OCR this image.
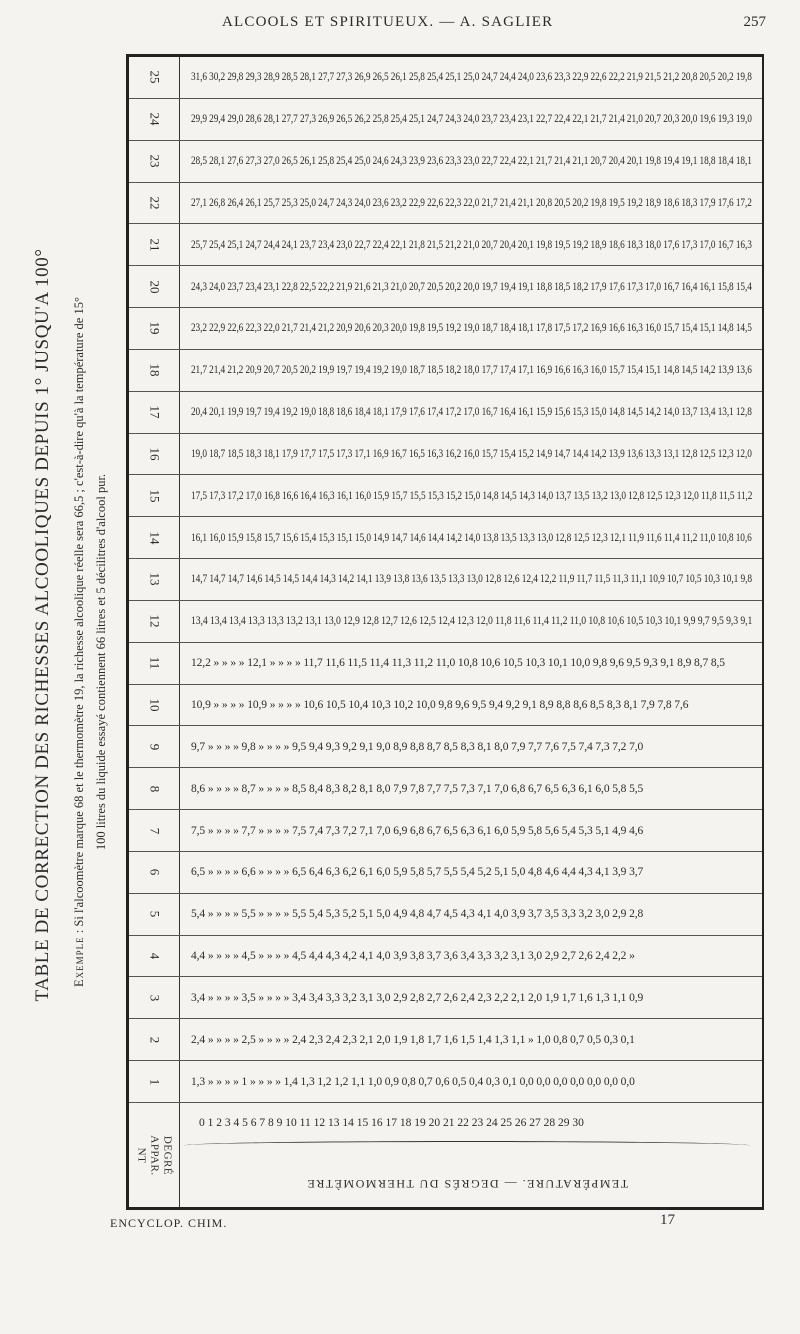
ALCOOLS ET SPIRITUEUX. — A. SAGLIER	257
TABLE DE CORRECTION DES RICHESSES ALCOOLIQUES DEPUIS 1° JUSQU'A 100°	Exemple : Si l'alcoomètre marque 68 et le thermomètre 19, la richesse alcoolique réelle sera 66,5 ; c'est-à-dire qu'à la température de 15° 100 litres du liquide essayé contiennent 66 litres et 5 décilitres d'alcool pur.
25	31,6 30,2 29,8 29,3 28,9 28,5 28,1 27,7 27,3 26,9 26,5 26,1 25,8 25,4 25,1 25,0 24,7 24,4 24,0 23,6 23,3 22,9 22,6 22,2 21,9 21,5 21,2 20,8 20,5 20,2 19,8
24	29,9 29,4 29,0 28,6 28,1 27,7 27,3 26,9 26,5 26,2 25,8 25,4 25,1 24,7 24,3 24,0 23,7 23,4 23,1 22,7 22,4 22,1 21,7 21,4 21,0 20,7 20,3 20,0 19,6 19,3 19,0
23	28,5 28,1 27,6 27,3 27,0 26,5 26,1 25,8 25,4 25,0 24,6 24,3 23,9 23,6 23,3 23,0 22,7 22,4 22,1 21,7 21,4 21,1 20,7 20,4 20,1 19,8 19,4 19,1 18,8 18,4 18,1
22	27,1 26,8 26,4 26,1 25,7 25,3 25,0 24,7 24,3 24,0 23,6 23,2 22,9 22,6 22,3 22,0 21,7 21,4 21,1 20,8 20,5 20,2 19,8 19,5 19,2 18,9 18,6 18,3 17,9 17,6 17,2
21	25,7 25,4 25,1 24,7 24,4 24,1 23,7 23,4 23,0 22,7 22,4 22,1 21,8 21,5 21,2 21,0 20,7 20,4 20,1 19,8 19,5 19,2 18,9 18,6 18,3 18,0 17,6 17,3 17,0 16,7 16,3
20	24,3 24,0 23,7 23,4 23,1 22,8 22,5 22,2 21,9 21,6 21,3 21,0 20,7 20,5 20,2 20,0 19,7 19,4 19,1 18,8 18,5 18,2 17,9 17,6 17,3 17,0 16,7 16,4 16,1 15,8 15,4
19	23,2 22,9 22,6 22,3 22,0 21,7 21,4 21,2 20,9 20,6 20,3 20,0 19,8 19,5 19,2 19,0 18,7 18,4 18,1 17,8 17,5 17,2 16,9 16,6 16,3 16,0 15,7 15,4 15,1 14,8 14,5
18	21,7 21,4 21,2 20,9 20,7 20,5 20,2 19,9 19,7 19,4 19,2 19,0 18,7 18,5 18,2 18,0 17,7 17,4 17,1 16,9 16,6 16,3 16,0 15,7 15,4 15,1 14,8 14,5 14,2 13,9 13,6
17	20,4 20,1 19,9 19,7 19,4 19,2 19,0 18,8 18,6 18,4 18,1 17,9 17,6 17,4 17,2 17,0 16,7 16,4 16,1 15,9 15,6 15,3 15,0 14,8 14,5 14,2 14,0 13,7 13,4 13,1 12,8
16	19,0 18,7 18,5 18,3 18,1 17,9 17,7 17,5 17,3 17,1 16,9 16,7 16,5 16,3 16,2 16,0 15,7 15,4 15,2 14,9 14,7 14,4 14,2 13,9 13,6 13,3 13,1 12,8 12,5 12,3 12,0
15	17,5 17,3 17,2 17,0 16,8 16,6 16,4 16,3 16,1 16,0 15,9 15,7 15,5 15,3 15,2 15,0 14,8 14,5 14,3 14,0 13,7 13,5 13,2 13,0 12,8 12,5 12,3 12,0 11,8 11,5 11,2
14	16,1 16,0 15,9 15,8 15,7 15,6 15,4 15,3 15,1 15,0 14,9 14,7 14,6 14,4 14,2 14,0 13,8 13,5 13,3 13,0 12,8 12,5 12,3 12,1 11,9 11,6 11,4 11,2 11,0 10,8 10,6
13	14,7 14,7 14,7 14,6 14,5 14,5 14,4 14,3 14,2 14,1 13,9 13,8 13,6 13,5 13,3 13,0 12,8 12,6 12,4 12,2 11,9 11,7 11,5 11,3 11,1 10,9 10,7 10,5 10,3 10,1 9,8
12	13,4 13,4 13,4 13,3 13,3 13,2 13,1 13,0 12,9 12,8 12,7 12,6 12,5 12,4 12,3 12,0 11,8 11,6 11,4 11,2 11,0 10,8 10,6 10,5 10,3 10,1 9,9 9,7 9,5 9,3 9,1
11	12,2 » » » » 12,1 » » » » 11,7 11,6 11,5 11,4 11,3 11,2 11,0 10,8 10,6 10,5 10,3 10,1 10,0 9,8 9,6 9,5 9,3 9,1 8,9 8,7 8,5
10	10,9 » » » » 10,9 » » » » 10,6 10,5 10,4 10,3 10,2 10,0 9,8 9,6 9,5 9,4 9,2 9,1 8,9 8,8 8,6 8,5 8,3 8,1 7,9 7,8 7,6
9	9,7 » » » » 9,8 » » » » 9,5 9,4 9,3 9,2 9,1 9,0 8,9 8,8 8,7 8,5 8,3 8,1 8,0 7,9 7,7 7,6 7,5 7,4 7,3 7,2 7,0
8	8,6 » » » » 8,7 » » » » 8,5 8,4 8,3 8,2 8,1 8,0 7,9 7,8 7,7 7,5 7,3 7,1 7,0 6,8 6,7 6,5 6,3 6,1 6,0 5,8 5,5
7	7,5 » » » » 7,7 » » » » 7,5 7,4 7,3 7,2 7,1 7,0 6,9 6,8 6,7 6,5 6,3 6,1 6,0 5,9 5,8 5,6 5,4 5,3 5,1 4,9 4,6
6	6,5 » » » » 6,6 » » » » 6,5 6,4 6,3 6,2 6,1 6,0 5,9 5,8 5,7 5,5 5,4 5,2 5,1 5,0 4,8 4,6 4,4 4,3 4,1 3,9 3,7
5	5,4 » » » » 5,5 » » » » 5,5 5,4 5,3 5,2 5,1 5,0 4,9 4,8 4,7 4,5 4,3 4,1 4,0 3,9 3,7 3,5 3,3 3,2 3,0 2,9 2,8
4	4,4 » » » » 4,5 » » » » 4,5 4,4 4,3 4,2 4,1 4,0 3,9 3,8 3,7 3,6 3,4 3,3 3,2 3,1 3,0 2,9 2,7 2,6 2,4 2,2 »
3	3,4 » » » » 3,5 » » » » 3,4 3,4 3,3 3,2 3,1 3,0 2,9 2,8 2,7 2,6 2,4 2,3 2,2 2,1 2,0 1,9 1,7 1,6 1,3 1,1 0,9
2	2,4 » » » » 2,5 » » » » 2,4 2,3 2,4 2,3 2,1 2,0 1,9 1,8 1,7 1,6 1,5 1,4 1,3 1,1 » 1,0 0,8 0,7 0,5 0,3 0,1
1	1,3 » » » » 1 » » » » 1,4 1,3 1,2 1,2 1,1 1,0 0,9 0,8 0,7 0,6 0,5 0,4 0,3 0,1 0,0 0,0 0,0 0,0 0,0 0,0 0,0
DEGRÉ APPAR. NT
0 1 2 3 4 5 6 7 8 9 10 11 12 13 14 15 16 17 18 19 20 21 22 23 24 25 26 27 28 29 30
TEMPÉRATURE. — DEGRÉS DU THERMOMÈTRE
ENCYCLOP. CHIM.	17
